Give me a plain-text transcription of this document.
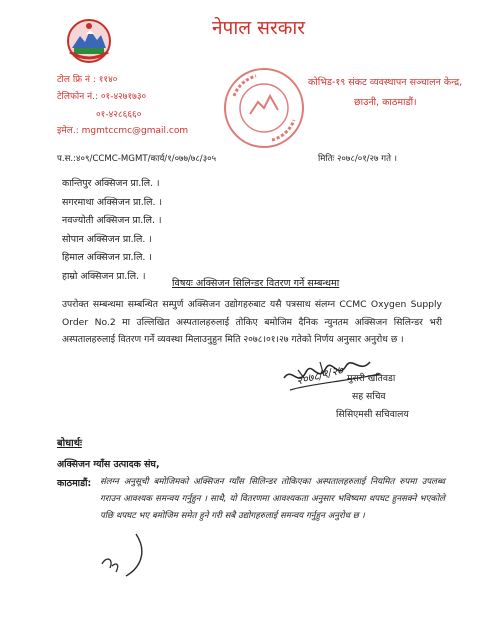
नेपाल सरकार
टोल फ्रि नं : ११४०
टेलिफोन नं.: ०१-४२७१७३०
०१-४२८६६६०
इमेल.: mgmtccmc@gmail.com
कोभिड-१९ संकट व्यवस्थापन सञ्चालन केन्द्र,
छाउनी, काठमाडौं।
प.स.:४०९/CCMC-MGMT/कार्य/१/०७७/७८/३०५	मितिः २०७८/०१/२७ गते ।
कान्तिपुर अक्सिजन प्रा.लि. ।
सगरमाथा अक्सिजन प्रा.लि. ।
नवज्योती अक्सिजन प्रा.लि. ।
सोपान अक्सिजन प्रा.लि. ।
हिमाल अक्सिजन प्रा.लि. ।
हाम्रो अक्सिजन प्रा.लि. ।
विषयः अक्सिजन सिलिन्डर वितरण गर्ने सम्बन्धमा
उपरोक्त सम्बन्धमा सम्बन्धित सम्पुर्ण अक्सिजन उद्योगहरुबाट यसै पत्रसाथ संलग्न CCMC Oxygen Supply Order No.2 मा उल्लिखित अस्पतालहरुलाई तोकिए बमोजिम दैनिक न्युनतम अक्सिजन सिलिन्डर भरी अस्पतालहरुलाई वितरण गर्ने व्यवस्था मिलाउनुहुन मिति २०७८।०१।२७ गतेको निर्णय अनुसार अनुरोध छ ।
२०७८/१/२७ मुरारी खतिवडा
सह सचिव
सिसिएमसी सचिवालय
बोधार्थः
अक्सिजन ग्याँस उत्पादक संघ,
काठमाडौं: संलग्न अनुसूची बमोजिमको अक्सिजन ग्याँस सिलिन्डर तोकिएका अस्पतालहरुलाई नियमित रुपमा उपलब्ध गराउन आवश्यक समन्वय गर्नुहुन । साथै, यो वितरणमा आवश्यकता अनुसार भविष्यमा थपघट हुनसक्ने भएकोले पछि थपघट भए बमोजिम समेत हुने गरी सबै उद्योगहरुलाई समन्वय गर्नुहुन अनुरोध छ ।
